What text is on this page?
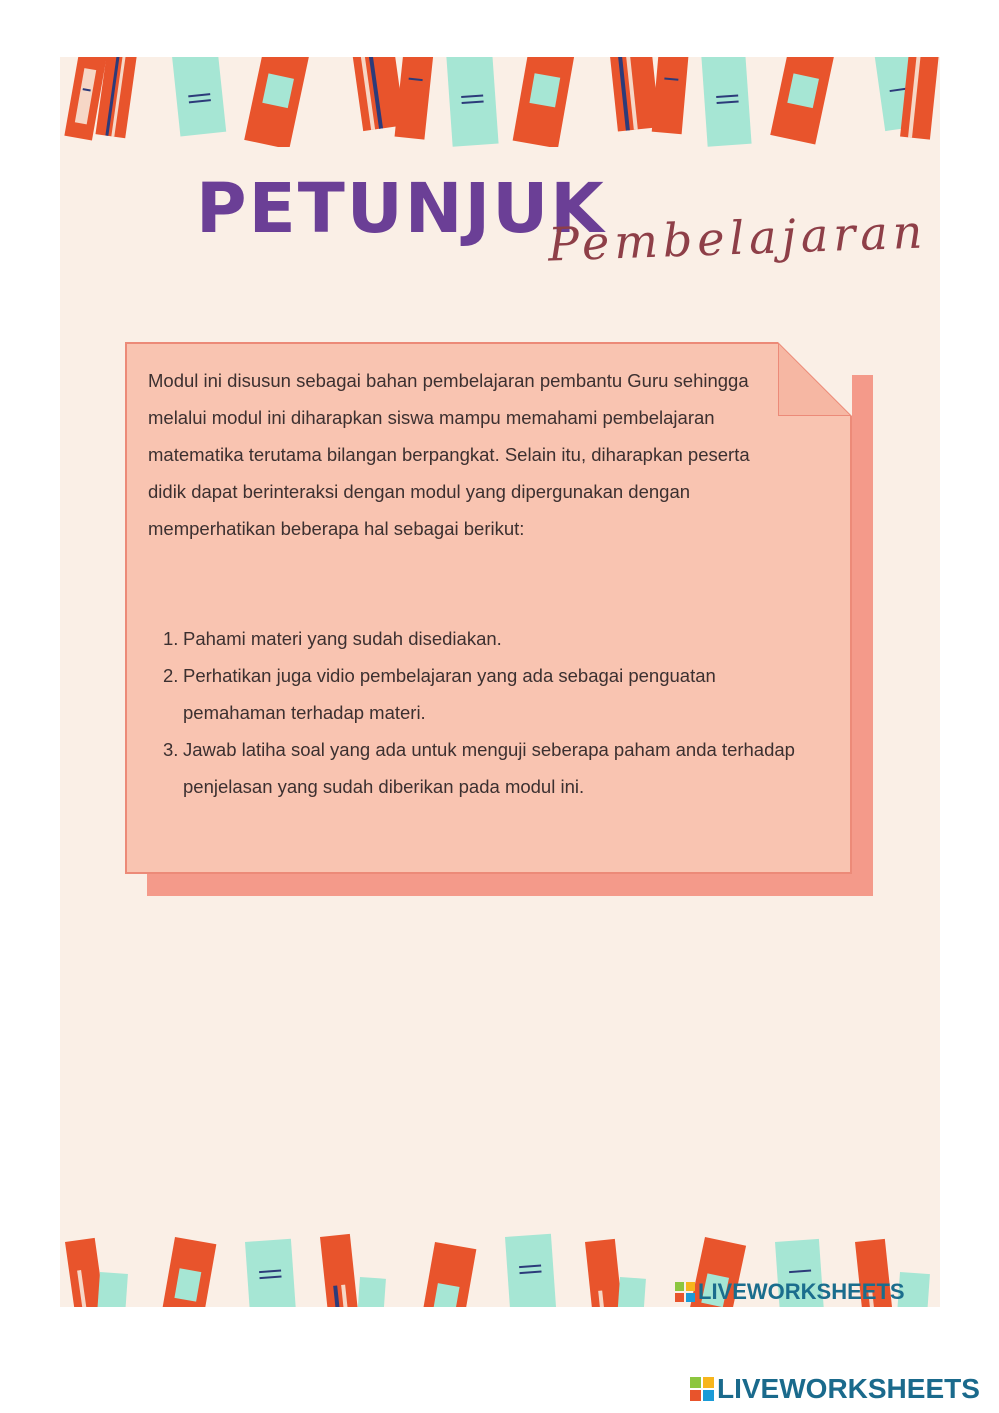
PETUNJUK
Pembelajaran

Modul ini disusun sebagai bahan pembelajaran pembantu Guru sehingga melalui modul ini diharapkan siswa mampu memahami pembelajaran matematika terutama bilangan berpangkat. Selain itu, diharapkan peserta didik dapat berinteraksi dengan modul yang dipergunakan dengan memperhatikan beberapa hal sebagai berikut:

1. Pahami materi yang sudah disediakan.
2. Perhatikan juga vidio pembelajaran yang ada sebagai penguatan pemahaman terhadap materi.
3. Jawab latiha soal yang ada untuk menguji seberapa paham anda terhadap penjelasan yang sudah diberikan pada modul ini.
LIVEWORKSHEETS
LIVEWORKSHEETS
